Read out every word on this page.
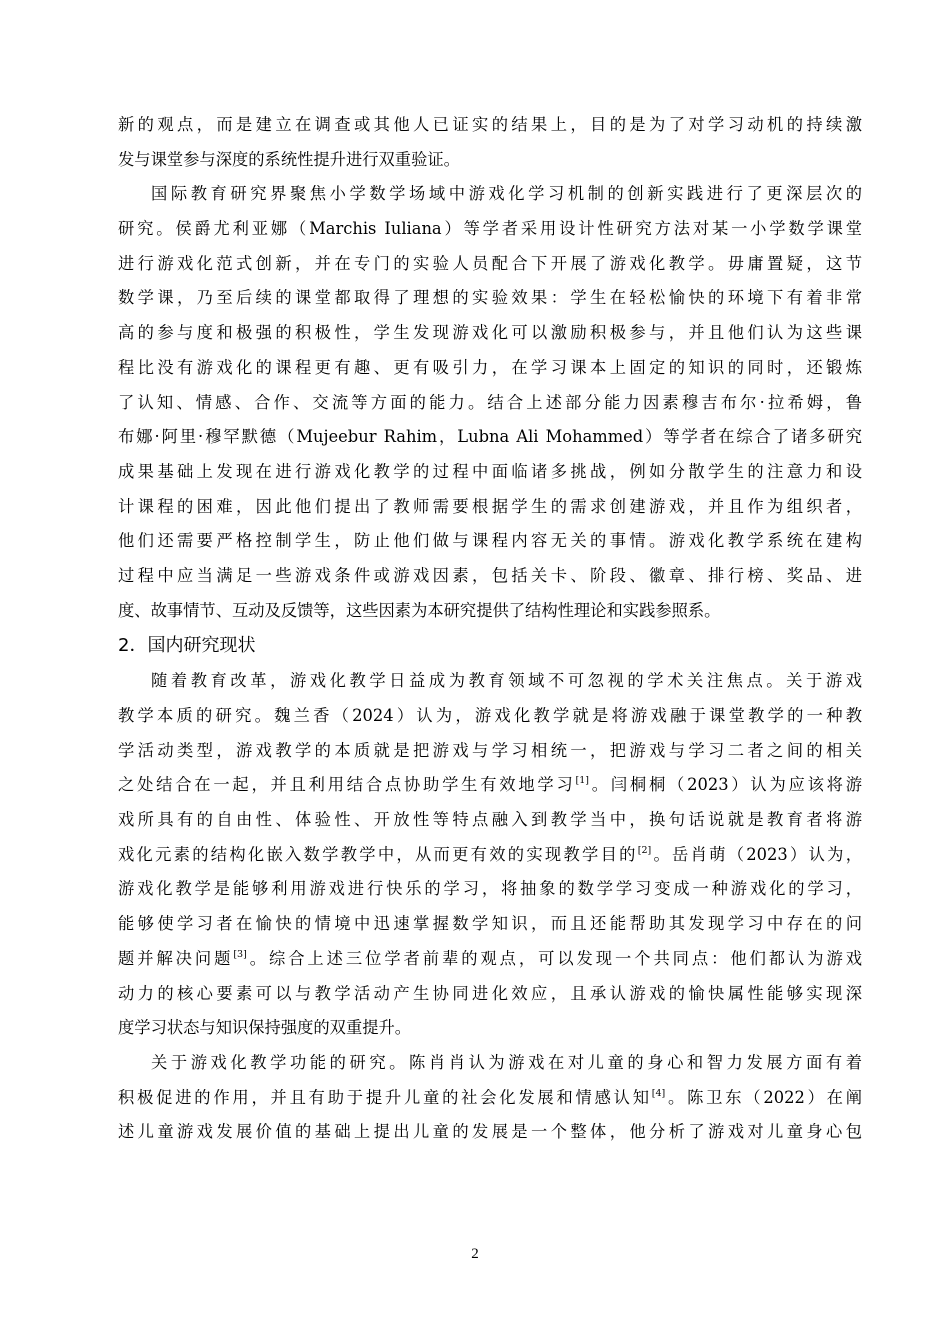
新的观点，而是建立在调查或其他人已证实的结果上，目的是为了对学习动机的持续激
发与课堂参与深度的系统性提升进行双重验证。
国际教育研究界聚焦小学数学场域中游戏化学习机制的创新实践进行了更深层次的
研究。侯爵尤利亚娜（Marchis Iuliana）等学者采用设计性研究方法对某一小学数学课堂
进行游戏化范式创新，并在专门的实验人员配合下开展了游戏化教学。毋庸置疑，这节
数学课，乃至后续的课堂都取得了理想的实验效果：学生在轻松愉快的环境下有着非常
高的参与度和极强的积极性，学生发现游戏化可以激励积极参与，并且他们认为这些课
程比没有游戏化的课程更有趣、更有吸引力，在学习课本上固定的知识的同时，还锻炼
了认知、情感、合作、交流等方面的能力。结合上述部分能力因素穆吉布尔·拉希姆，鲁
布娜·阿里·穆罕默德（Mujeebur Rahim，Lubna Ali Mohammed）等学者在综合了诸多研究
成果基础上发现在进行游戏化教学的过程中面临诸多挑战，例如分散学生的注意力和设
计课程的困难，因此他们提出了教师需要根据学生的需求创建游戏，并且作为组织者，
他们还需要严格控制学生，防止他们做与课程内容无关的事情。游戏化教学系统在建构
过程中应当满足一些游戏条件或游戏因素，包括关卡、阶段、徽章、排行榜、奖品、进
度、故事情节、互动及反馈等，这些因素为本研究提供了结构性理论和实践参照系。
2．国内研究现状
随着教育改革，游戏化教学日益成为教育领域不可忽视的学术关注焦点。关于游戏
教学本质的研究。魏兰香（2024）认为，游戏化教学就是将游戏融于课堂教学的一种教
学活动类型，游戏教学的本质就是把游戏与学习相统一，把游戏与学习二者之间的相关
之处结合在一起，并且利用结合点协助学生有效地学习[1]。闫桐桐（2023）认为应该将游
戏所具有的自由性、体验性、开放性等特点融入到教学当中，换句话说就是教育者将游
戏化元素的结构化嵌入数学教学中，从而更有效的实现教学目的[2]。岳肖萌（2023）认为，
游戏化教学是能够利用游戏进行快乐的学习，将抽象的数学学习变成一种游戏化的学习，
能够使学习者在愉快的情境中迅速掌握数学知识，而且还能帮助其发现学习中存在的问
题并解决问题[3]。综合上述三位学者前辈的观点，可以发现一个共同点：他们都认为游戏
动力的核心要素可以与教学活动产生协同进化效应，且承认游戏的愉快属性能够实现深
度学习状态与知识保持强度的双重提升。
关于游戏化教学功能的研究。陈肖肖认为游戏在对儿童的身心和智力发展方面有着
积极促进的作用，并且有助于提升儿童的社会化发展和情感认知[4]。陈卫东（2022）在阐
述儿童游戏发展价值的基础上提出儿童的发展是一个整体，他分析了游戏对儿童身心包
2
